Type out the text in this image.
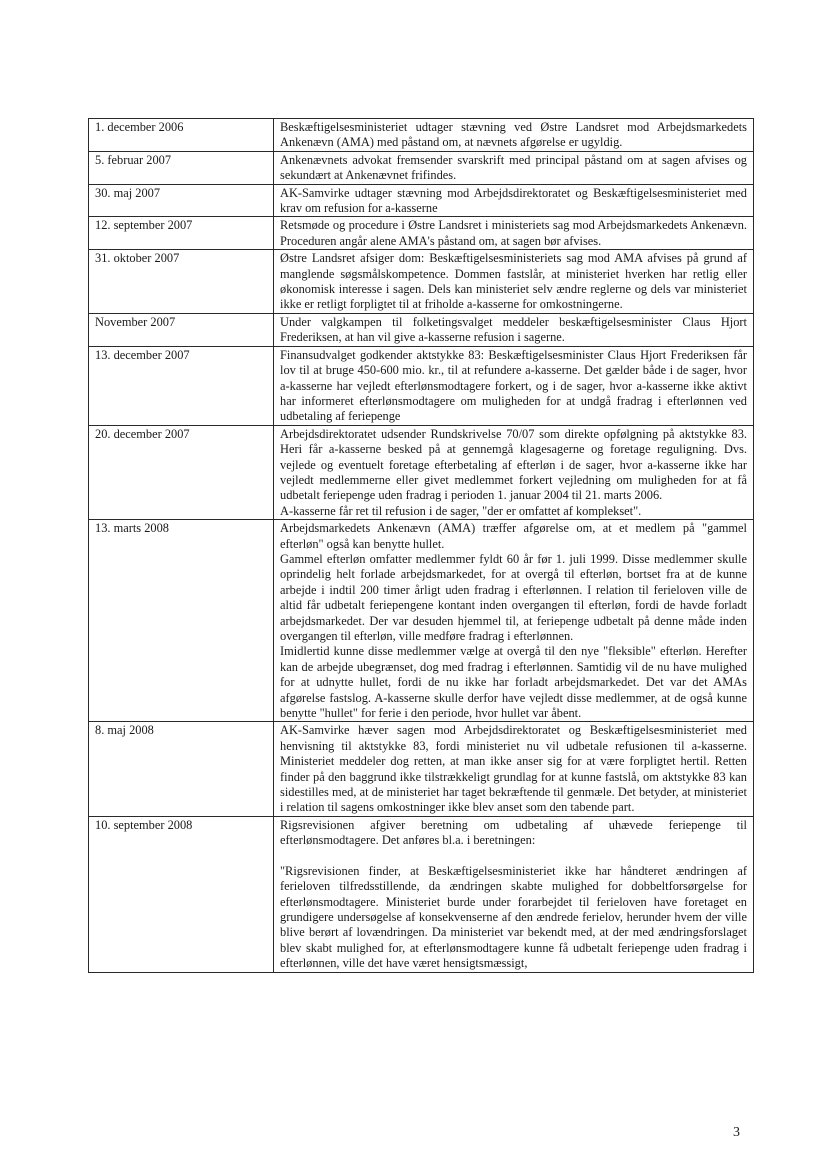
1. december 2006	Beskæftigelsesministeriet udtager stævning ved Østre Landsret mod Arbejdsmarkedets Ankenævn (AMA) med påstand om, at nævnets afgørelse er ugyldig.

5. februar 2007	Ankenævnets advokat fremsender svarskrift med principal påstand om at sagen afvises og sekundært at Ankenævnet frifindes.

30. maj 2007	AK-Samvirke udtager stævning mod Arbejdsdirektoratet og Beskæftigelsesministeriet med krav om refusion for a-kasserne

12. september 2007	Retsmøde og procedure i Østre Landsret i ministeriets sag mod Arbejdsmarkedets Ankenævn. Proceduren angår alene AMA's påstand om, at sagen bør afvises.

31. oktober 2007	Østre Landsret afsiger dom: Beskæftigelsesministeriets sag mod AMA afvises på grund af manglende søgsmålskompetence. Dommen fastslår, at ministeriet hverken har retlig eller økonomisk interesse i sagen. Dels kan ministeriet selv ændre reglerne og dels var ministeriet ikke er retligt forpligtet til at friholde a-kasserne for omkostningerne.

November 2007	Under valgkampen til folketingsvalget meddeler beskæftigelsesminister Claus Hjort Frederiksen, at han vil give a-kasserne refusion i sagerne.

13. december 2007	Finansudvalget godkender aktstykke 83: Beskæftigelsesminister Claus Hjort Frederiksen får lov til at bruge 450-600 mio. kr., til at refundere a-kasserne. Det gælder både i de sager, hvor a-kasserne har vejledt efterlønsmodtagere forkert, og i de sager, hvor a-kasserne ikke aktivt har informeret efterlønsmodtagere om muligheden for at undgå fradrag i efterlønnen ved udbetaling af feriepenge

20. december 2007	Arbejdsdirektoratet udsender Rundskrivelse 70/07 som direkte opfølgning på aktstykke 83. Heri får a-kasserne besked på at gennemgå klagesagerne og foretage reguligning. Dvs. vejlede og eventuelt foretage efterbetaling af efterløn i de sager, hvor a-kasserne ikke har vejledt medlemmerne eller givet medlemmet forkert vejledning om muligheden for at få udbetalt feriepenge uden fradrag i perioden 1. januar 2004 til 21. marts 2006.
A-kasserne får ret til refusion i de sager, "der er omfattet af komplekset".

13. marts 2008	Arbejdsmarkedets Ankenævn (AMA) træffer afgørelse om, at et medlem på "gammel efterløn" også kan benytte hullet.
Gammel efterløn omfatter medlemmer fyldt 60 år før 1. juli 1999. Disse medlemmer skulle oprindelig helt forlade arbejdsmarkedet, for at overgå til efterløn, bortset fra at de kunne arbejde i indtil 200 timer årligt uden fradrag i efterlønnen. I relation til ferieloven ville de altid får udbetalt feriepengene kontant inden overgangen til efterløn, fordi de havde forladt arbejdsmarkedet. Der var desuden hjemmel til, at feriepenge udbetalt på denne måde inden overgangen til efterløn, ville medføre fradrag i efterlønnen.
Imidlertid kunne disse medlemmer vælge at overgå til den nye "fleksible" efterløn. Herefter kan de arbejde ubegrænset, dog med fradrag i efterlønnen. Samtidig vil de nu have mulighed for at udnytte hullet, fordi de nu ikke har forladt arbejdsmarkedet. Det var det AMAs afgørelse fastslog. A-kasserne skulle derfor have vejledt disse medlemmer, at de også kunne benytte "hullet" for ferie i den periode, hvor hullet var åbent.

8. maj 2008	AK-Samvirke hæver sagen mod Arbejdsdirektoratet og Beskæftigelsesministeriet med henvisning til aktstykke 83, fordi ministeriet nu vil udbetale refusionen til a-kasserne. Ministeriet meddeler dog retten, at man ikke anser sig for at være forpligtet hertil. Retten finder på den baggrund ikke tilstrækkeligt grundlag for at kunne fastslå, om aktstykke 83 kan sidestilles med, at de ministeriet har taget bekræftende til genmæle. Det betyder, at ministeriet i relation til sagens omkostninger ikke blev anset som den tabende part.

10. september 2008	Rigsrevisionen afgiver beretning om udbetaling af uhævede feriepenge til efterlønsmodtagere. Det anføres bl.a. i beretningen:
"Rigsrevisionen finder, at Beskæftigelsesministeriet ikke har håndteret ændringen af ferieloven tilfredsstillende, da ændringen skabte mulighed for dobbeltforsørgelse for efterlønsmodtagere. Ministeriet burde under forarbejdet til ferieloven have foretaget en grundigere undersøgelse af konsekvenserne af den ændrede ferielov, herunder hvem der ville blive berørt af lovændringen. Da ministeriet var bekendt med, at der med ændringsforslaget blev skabt mulighed for, at efterlønsmodtagere kunne få udbetalt feriepenge uden fradrag i efterlønnen, ville det have været hensigtsmæssigt,
3
